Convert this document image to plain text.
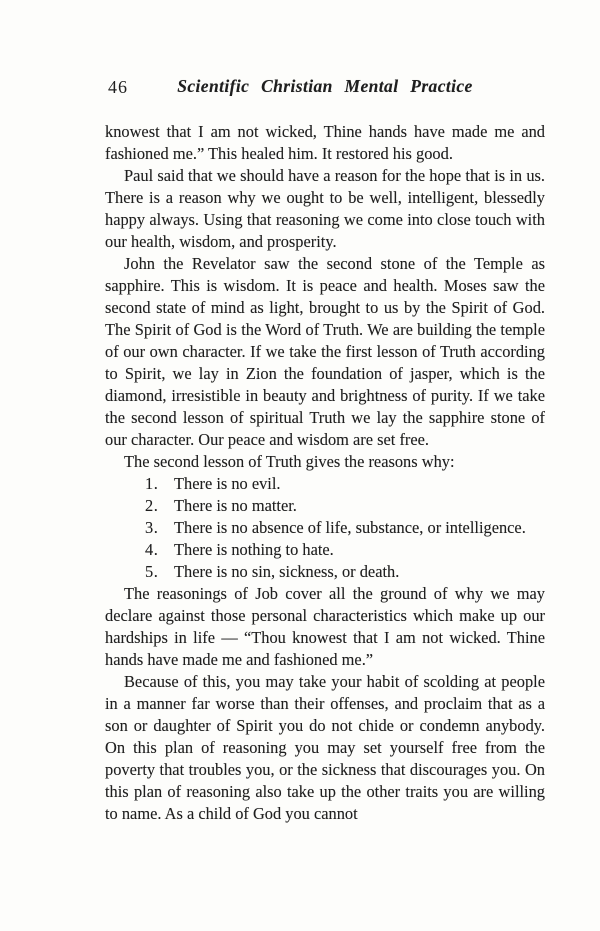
46	Scientific Christian Mental Practice

knowest that I am not wicked, Thine hands have made me and fashioned me.” This healed him. It restored his good.

Paul said that we should have a reason for the hope that is in us. There is a reason why we ought to be well, intelligent, blessedly happy always. Using that reasoning we come into close touch with our health, wisdom, and prosperity.

John the Revelator saw the second stone of the Temple as sapphire. This is wisdom. It is peace and health. Moses saw the second state of mind as light, brought to us by the Spirit of God. The Spirit of God is the Word of Truth. We are building the temple of our own character. If we take the first lesson of Truth according to Spirit, we lay in Zion the foundation of jasper, which is the diamond, irresistible in beauty and brightness of purity. If we take the second lesson of spiritual Truth we lay the sapphire stone of our character. Our peace and wisdom are set free.

The second lesson of Truth gives the reasons why:

1. There is no evil.
2. There is no matter.
3. There is no absence of life, substance, or intelligence.
4. There is nothing to hate.
5. There is no sin, sickness, or death.

The reasonings of Job cover all the ground of why we may declare against those personal characteristics which make up our hardships in life — “Thou knowest that I am not wicked. Thine hands have made me and fashioned me.”

Because of this, you may take your habit of scolding at people in a manner far worse than their offenses, and proclaim that as a son or daughter of Spirit you do not chide or condemn anybody. On this plan of reasoning you may set yourself free from the poverty that troubles you, or the sickness that discourages you. On this plan of reasoning also take up the other traits you are willing to name. As a child of God you cannot
